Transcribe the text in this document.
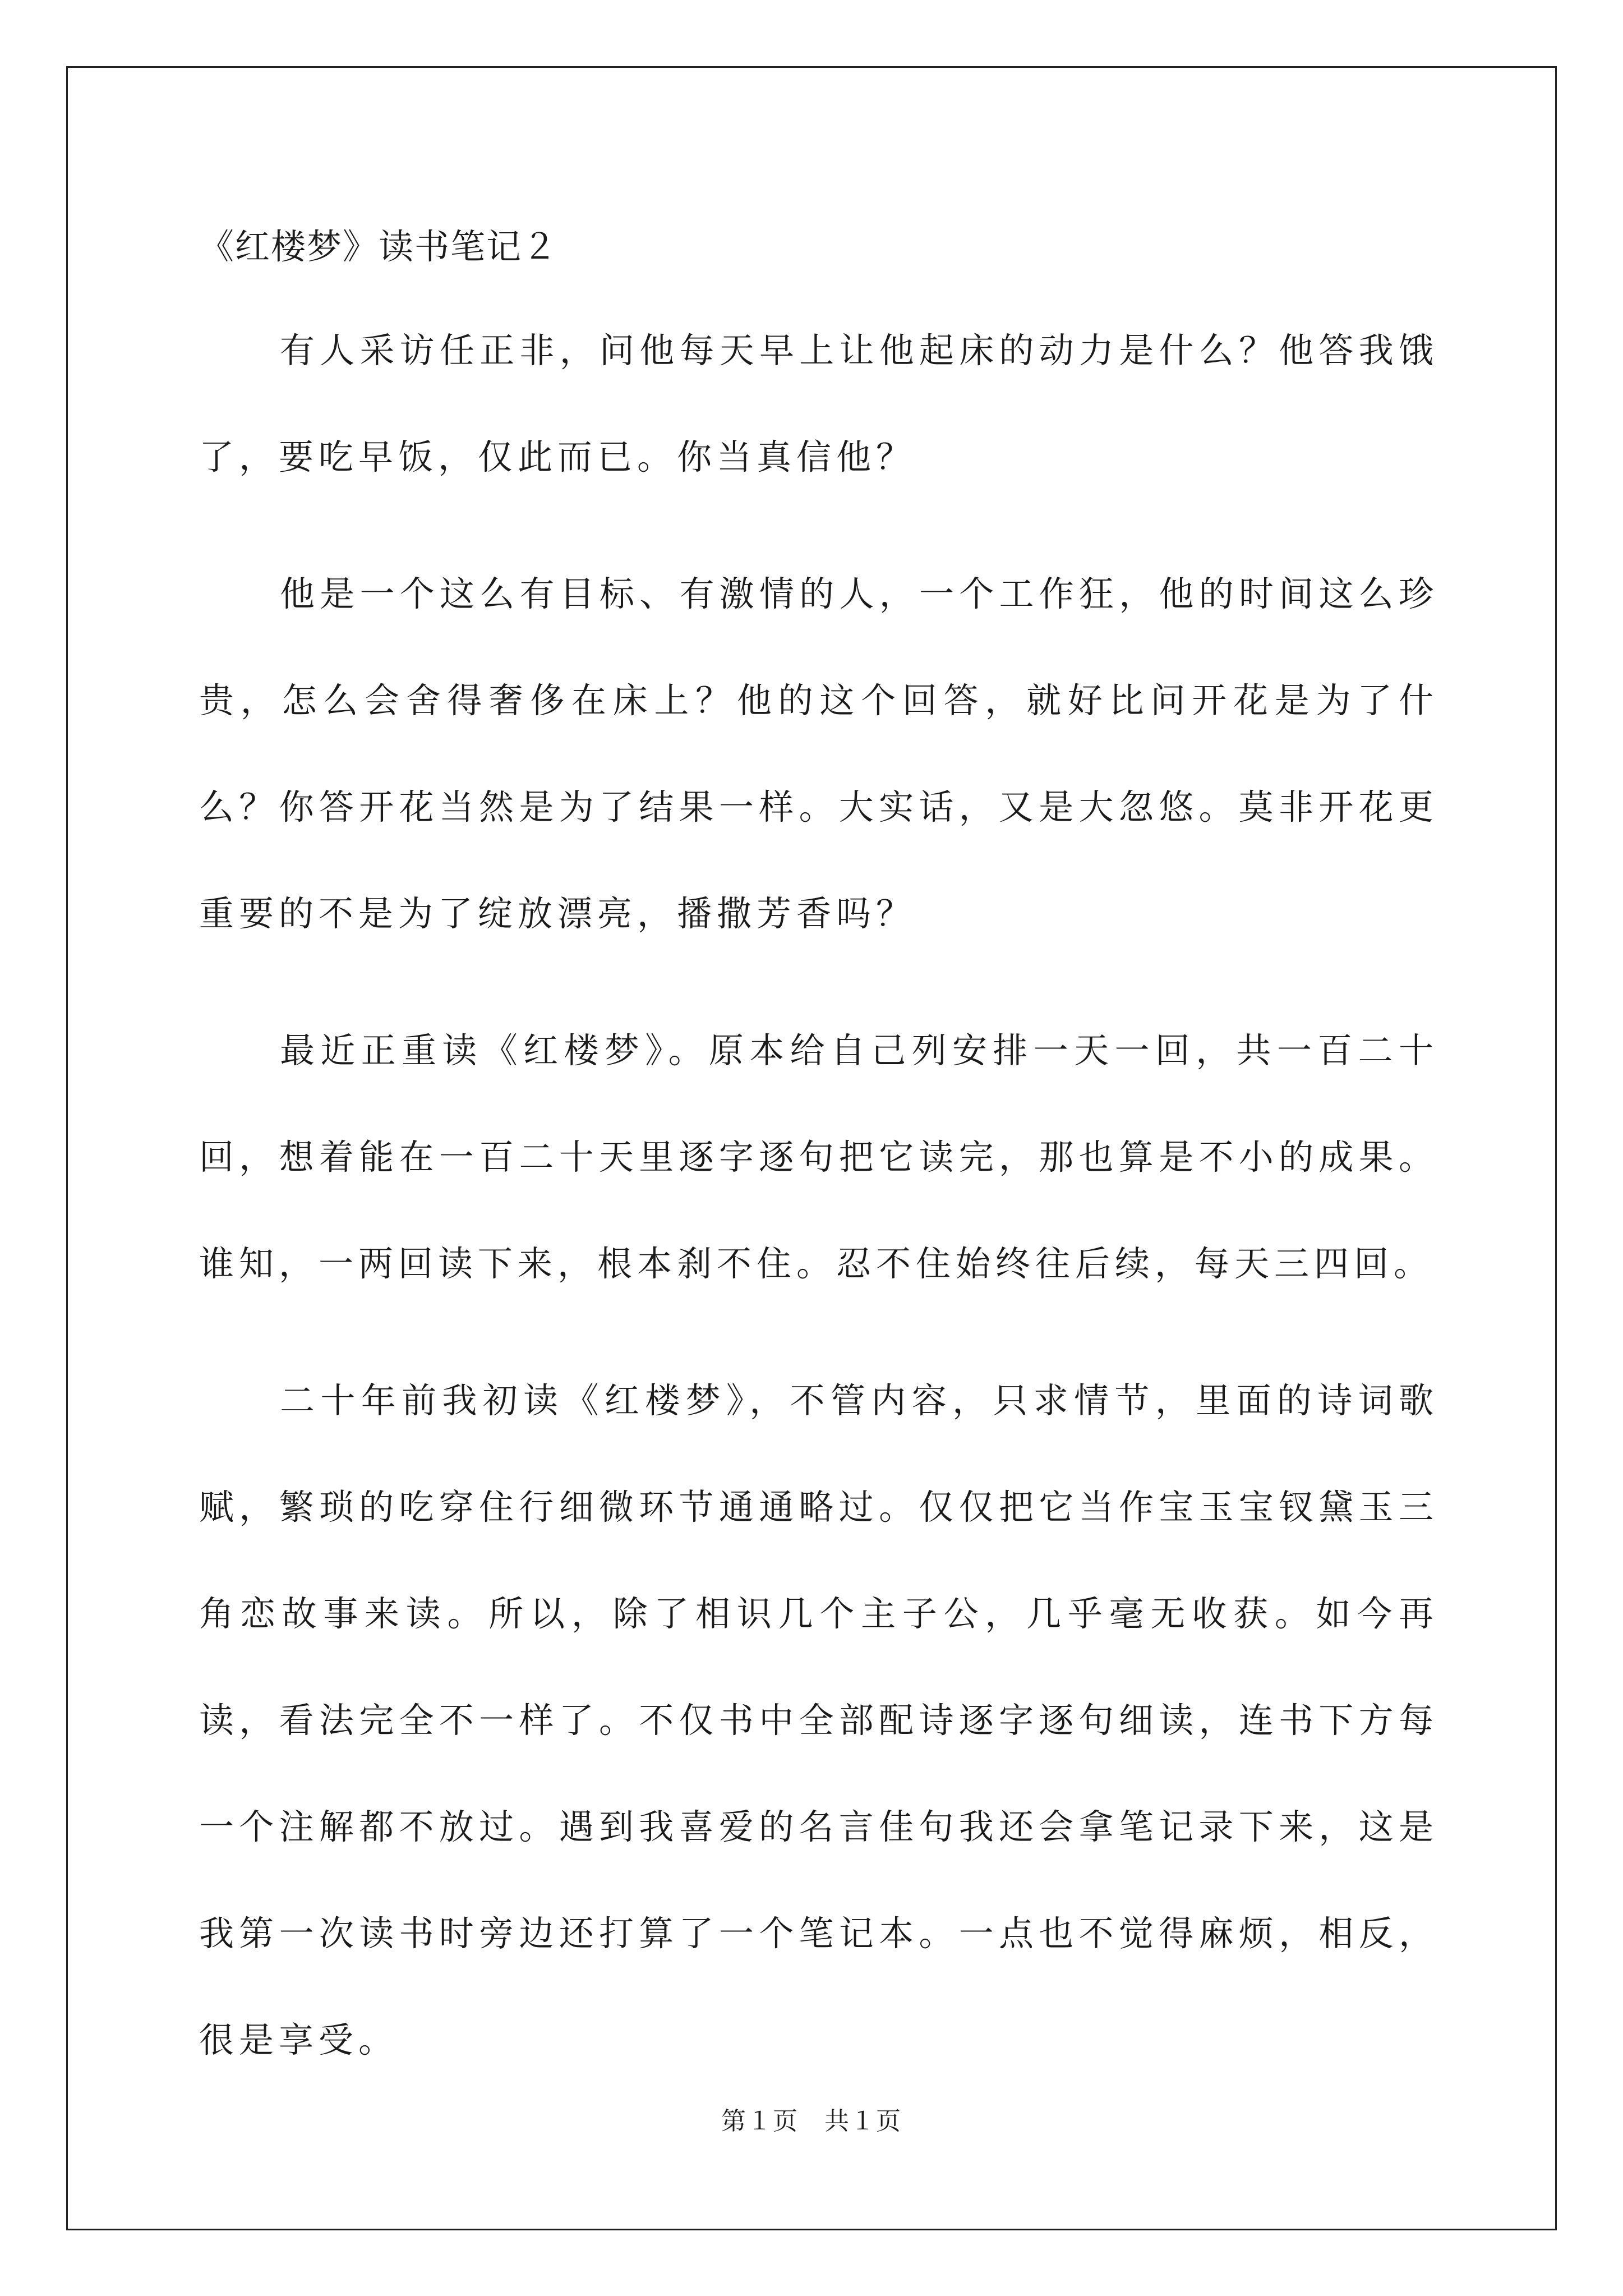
《红楼梦》读书笔记２

有人采访任正非，问他每天早上让他起床的动力是什么？他答我饿了，要吃早饭，仅此而已。你当真信他？

他是一个这么有目标、有激情的人，一个工作狂，他的时间这么珍贵，怎么会舍得奢侈在床上？他的这个回答，就好比问开花是为了什么？你答开花当然是为了结果一样。大实话，又是大忽悠。莫非开花更重要的不是为了绽放漂亮，播撒芳香吗？

最近正重读《红楼梦》。原本给自己列安排一天一回，共一百二十回，想着能在一百二十天里逐字逐句把它读完，那也算是不小的成果。谁知，一两回读下来，根本刹不住。忍不住始终往后续，每天三四回。

二十年前我初读《红楼梦》，不管内容，只求情节，里面的诗词歌赋，繁琐的吃穿住行细微环节通通略过。仅仅把它当作宝玉宝钗黛玉三角恋故事来读。所以，除了相识几个主子公，几乎毫无收获。如今再读，看法完全不一样了。不仅书中全部配诗逐字逐句细读，连书下方每一个注解都不放过。遇到我喜爱的名言佳句我还会拿笔记录下来，这是我第一次读书时旁边还打算了一个笔记本。一点也不觉得麻烦，相反，很是享受。

第１页　共１页
